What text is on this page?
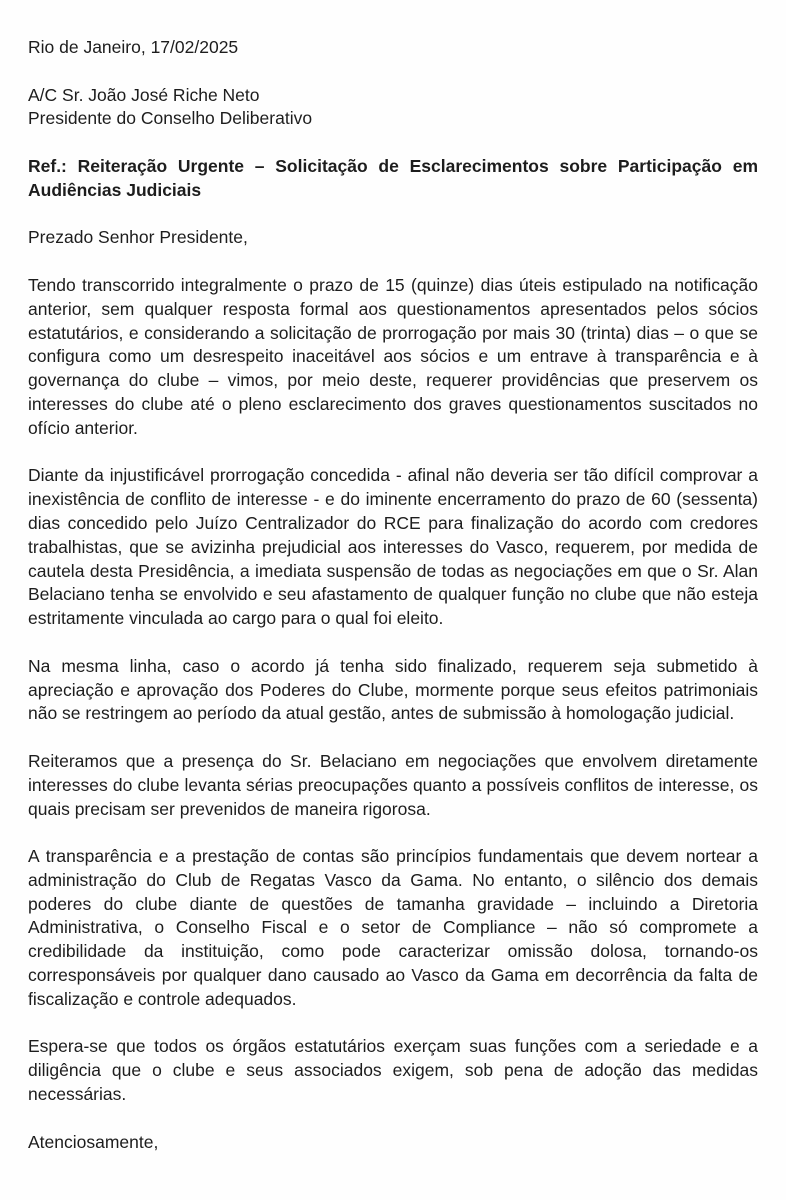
Rio de Janeiro, 17/02/2025
A/C Sr. João José Riche Neto
Presidente do Conselho Deliberativo

Ref.: Reiteração Urgente – Solicitação de Esclarecimentos sobre Participação em Audiências Judiciais

Prezado Senhor Presidente,

Tendo transcorrido integralmente o prazo de 15 (quinze) dias úteis estipulado na notificação anterior, sem qualquer resposta formal aos questionamentos apresentados pelos sócios estatutários, e considerando a solicitação de prorrogação por mais 30 (trinta) dias – o que se configura como um desrespeito inaceitável aos sócios e um entrave à transparência e à governança do clube – vimos, por meio deste, requerer providências que preservem os interesses do clube até o pleno esclarecimento dos graves questionamentos suscitados no ofício anterior.

Diante da injustificável prorrogação concedida - afinal não deveria ser tão difícil comprovar a inexistência de conflito de interesse - e do iminente encerramento do prazo de 60 (sessenta) dias concedido pelo Juízo Centralizador do RCE para finalização do acordo com credores trabalhistas, que se avizinha prejudicial aos interesses do Vasco, requerem, por medida de cautela desta Presidência, a imediata suspensão de todas as negociações em que o Sr. Alan Belaciano tenha se envolvido e seu afastamento de qualquer função no clube que não esteja estritamente vinculada ao cargo para o qual foi eleito.

Na mesma linha, caso o acordo já tenha sido finalizado, requerem seja submetido à apreciação e aprovação dos Poderes do Clube, mormente porque seus efeitos patrimoniais não se restringem ao período da atual gestão, antes de submissão à homologação judicial.

Reiteramos que a presença do Sr. Belaciano em negociações que envolvem diretamente interesses do clube levanta sérias preocupações quanto a possíveis conflitos de interesse, os quais precisam ser prevenidos de maneira rigorosa.

A transparência e a prestação de contas são princípios fundamentais que devem nortear a administração do Club de Regatas Vasco da Gama. No entanto, o silêncio dos demais poderes do clube diante de questões de tamanha gravidade – incluindo a Diretoria Administrativa, o Conselho Fiscal e o setor de Compliance – não só compromete a credibilidade da instituição, como pode caracterizar omissão dolosa, tornando-os corresponsáveis por qualquer dano causado ao Vasco da Gama em decorrência da falta de fiscalização e controle adequados.

Espera-se que todos os órgãos estatutários exerçam suas funções com a seriedade e a diligência que o clube e seus associados exigem, sob pena de adoção das medidas necessárias.

Atenciosamente,
